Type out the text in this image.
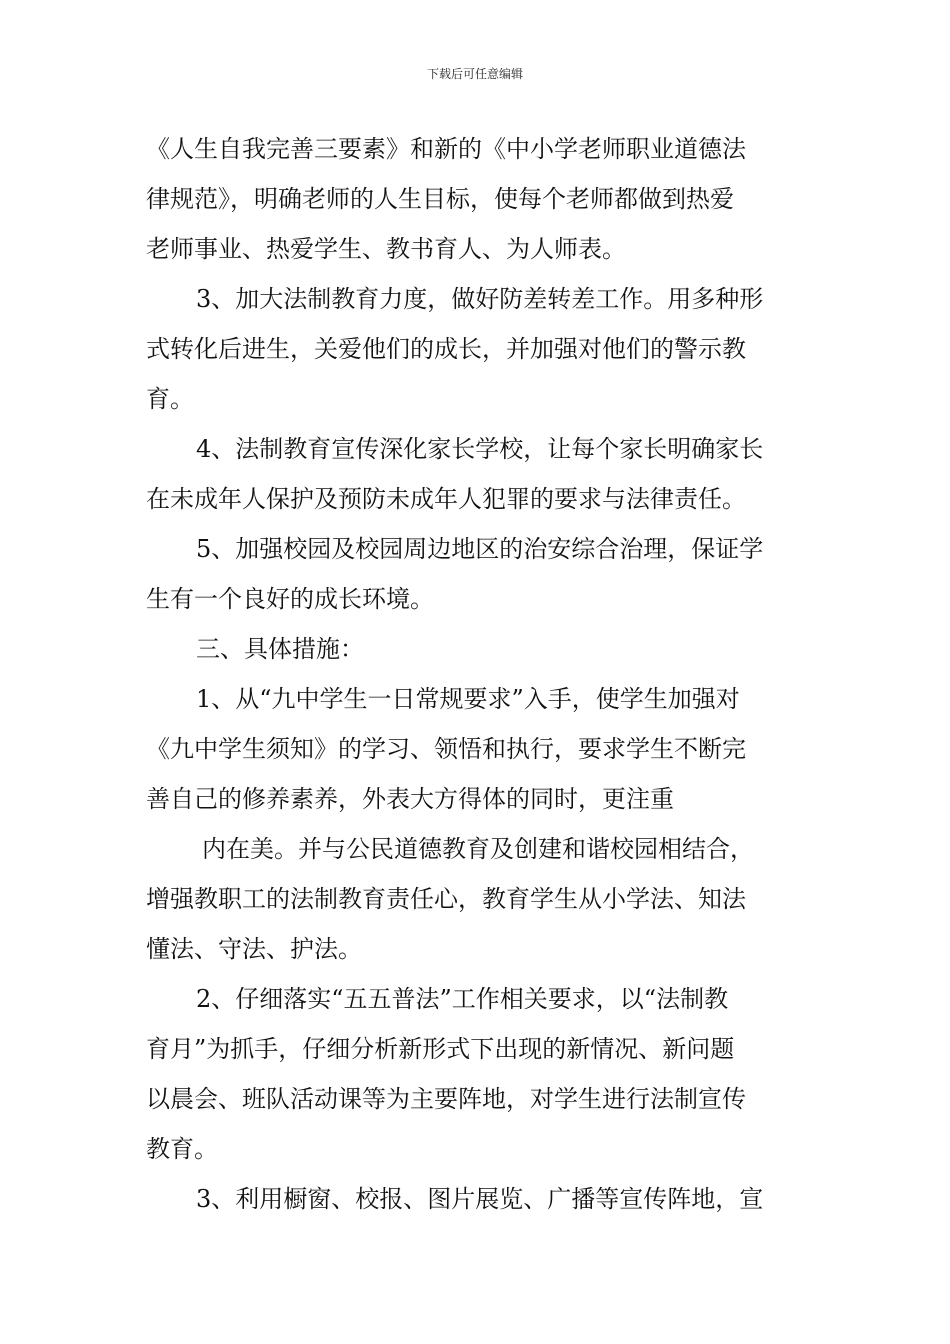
下载后可任意编辑
《人生自我完善三要素》和新的《中小学老师职业道德法
律规范》，明确老师的人生目标，使每个老师都做到热爱
老师事业、热爱学生、教书育人、为人师表。
3、加大法制教育力度，做好防差转差工作。用多种形
式转化后进生，关爱他们的成长，并加强对他们的警示教
育。
4、法制教育宣传深化家长学校，让每个家长明确家长
在未成年人保护及预防未成年人犯罪的要求与法律责任。
5、加强校园及校园周边地区的治安综合治理，保证学
生有一个良好的成长环境。
三、具体措施：
1、从“九中学生一日常规要求”入手，使学生加强对
《九中学生须知》的学习、领悟和执行，要求学生不断完
善自己的修养素养，外表大方得体的同时，更注重
内在美。并与公民道德教育及创建和谐校园相结合，
增强教职工的法制教育责任心，教育学生从小学法、知法
懂法、守法、护法。
2、仔细落实“五五普法”工作相关要求，以“法制教
育月”为抓手，仔细分析新形式下出现的新情况、新问题
以晨会、班队活动课等为主要阵地，对学生进行法制宣传
教育。
3、利用橱窗、校报、图片展览、广播等宣传阵地，宣
